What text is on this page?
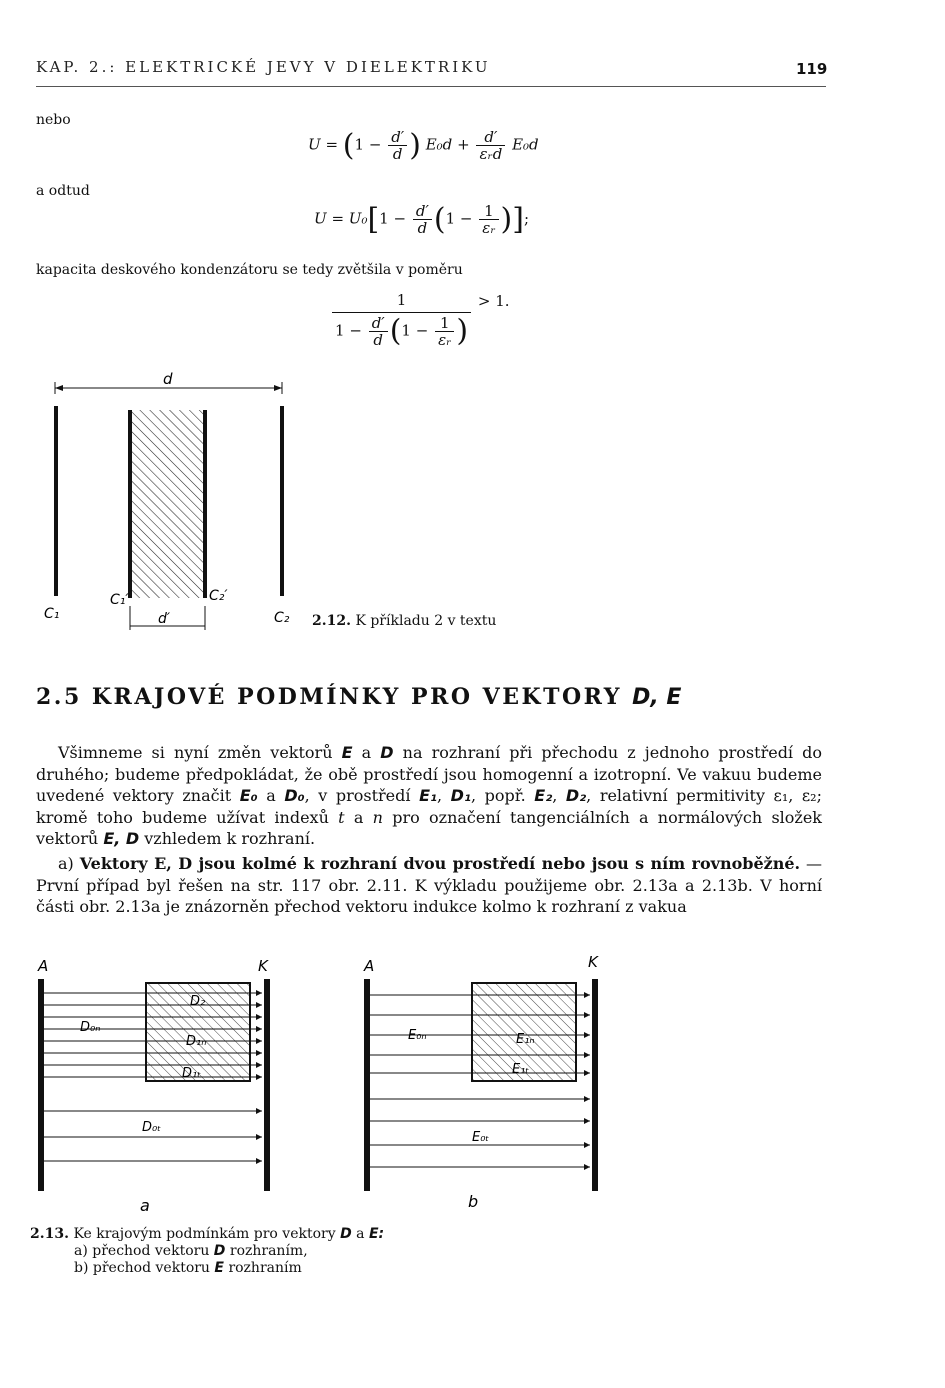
KAP. 2.: ELEKTRICKÉ JEVY V DIELEKTRIKU	119
nebo
$U = (1 - \frac{d'}{d}$ ) $E_0d + \frac{d'}{\text{εᵣd}} E_0d$
a odtud
$U = U_0[1 - \frac{d'}{d} (1 - \frac{1}{\text{εᵣ}}$ )];
kapacita deskového kondenzátoru se tedy zvětšila v poměru
$\frac{1}{1 - \frac{d'}{d} (1 - \frac{1}{\text{εᵣ}} )} > 1$.
d
d′
C₁	C₂
C₁′	C₂′
2.12. K příkladu 2 v textu
2.5 KRAJOVÉ PODMÍNKY PRO VEKTORY D, E
Všimneme si nyní změn vektorů E a D na rozhraní při přechodu z jednoho prostředí do druhého; budeme předpokládat, že obě prostředí jsou homogenní a izotropní. Ve vakuu budeme uvedené vektory značit E₀ a D₀, v prostředí E₁, D₁, popř. E₂, D₂, relativní permitivity ε₁, ε₂; kromě toho budeme užívat indexů t a n pro označení tangenciálních a normálových složek vektorů E, D vzhledem k rozhraní.
a) Vektory E, D jsou kolmé k rozhraní dvou prostředí nebo jsou s ním rovnoběžné. — První případ byl řešen na str. 117 obr. 2.11. K výkladu použijeme obr. 2.13a a 2.13b. V horní části obr. 2.13a je znázorněn přechod vektoru indukce kolmo k rozhraní z vakua
A	K
D₀ₙ
D₂
D₁ₙ
D₁ₜ
D₀ₜ
a
A	K
E₀ₙ	E₁ₙ
E₁ₜ
E₀ₜ
b
2.13. Ke krajovým podmínkám pro vektory D a E:
a) přechod vektoru D rozhraním,
b) přechod vektoru E rozhraním
